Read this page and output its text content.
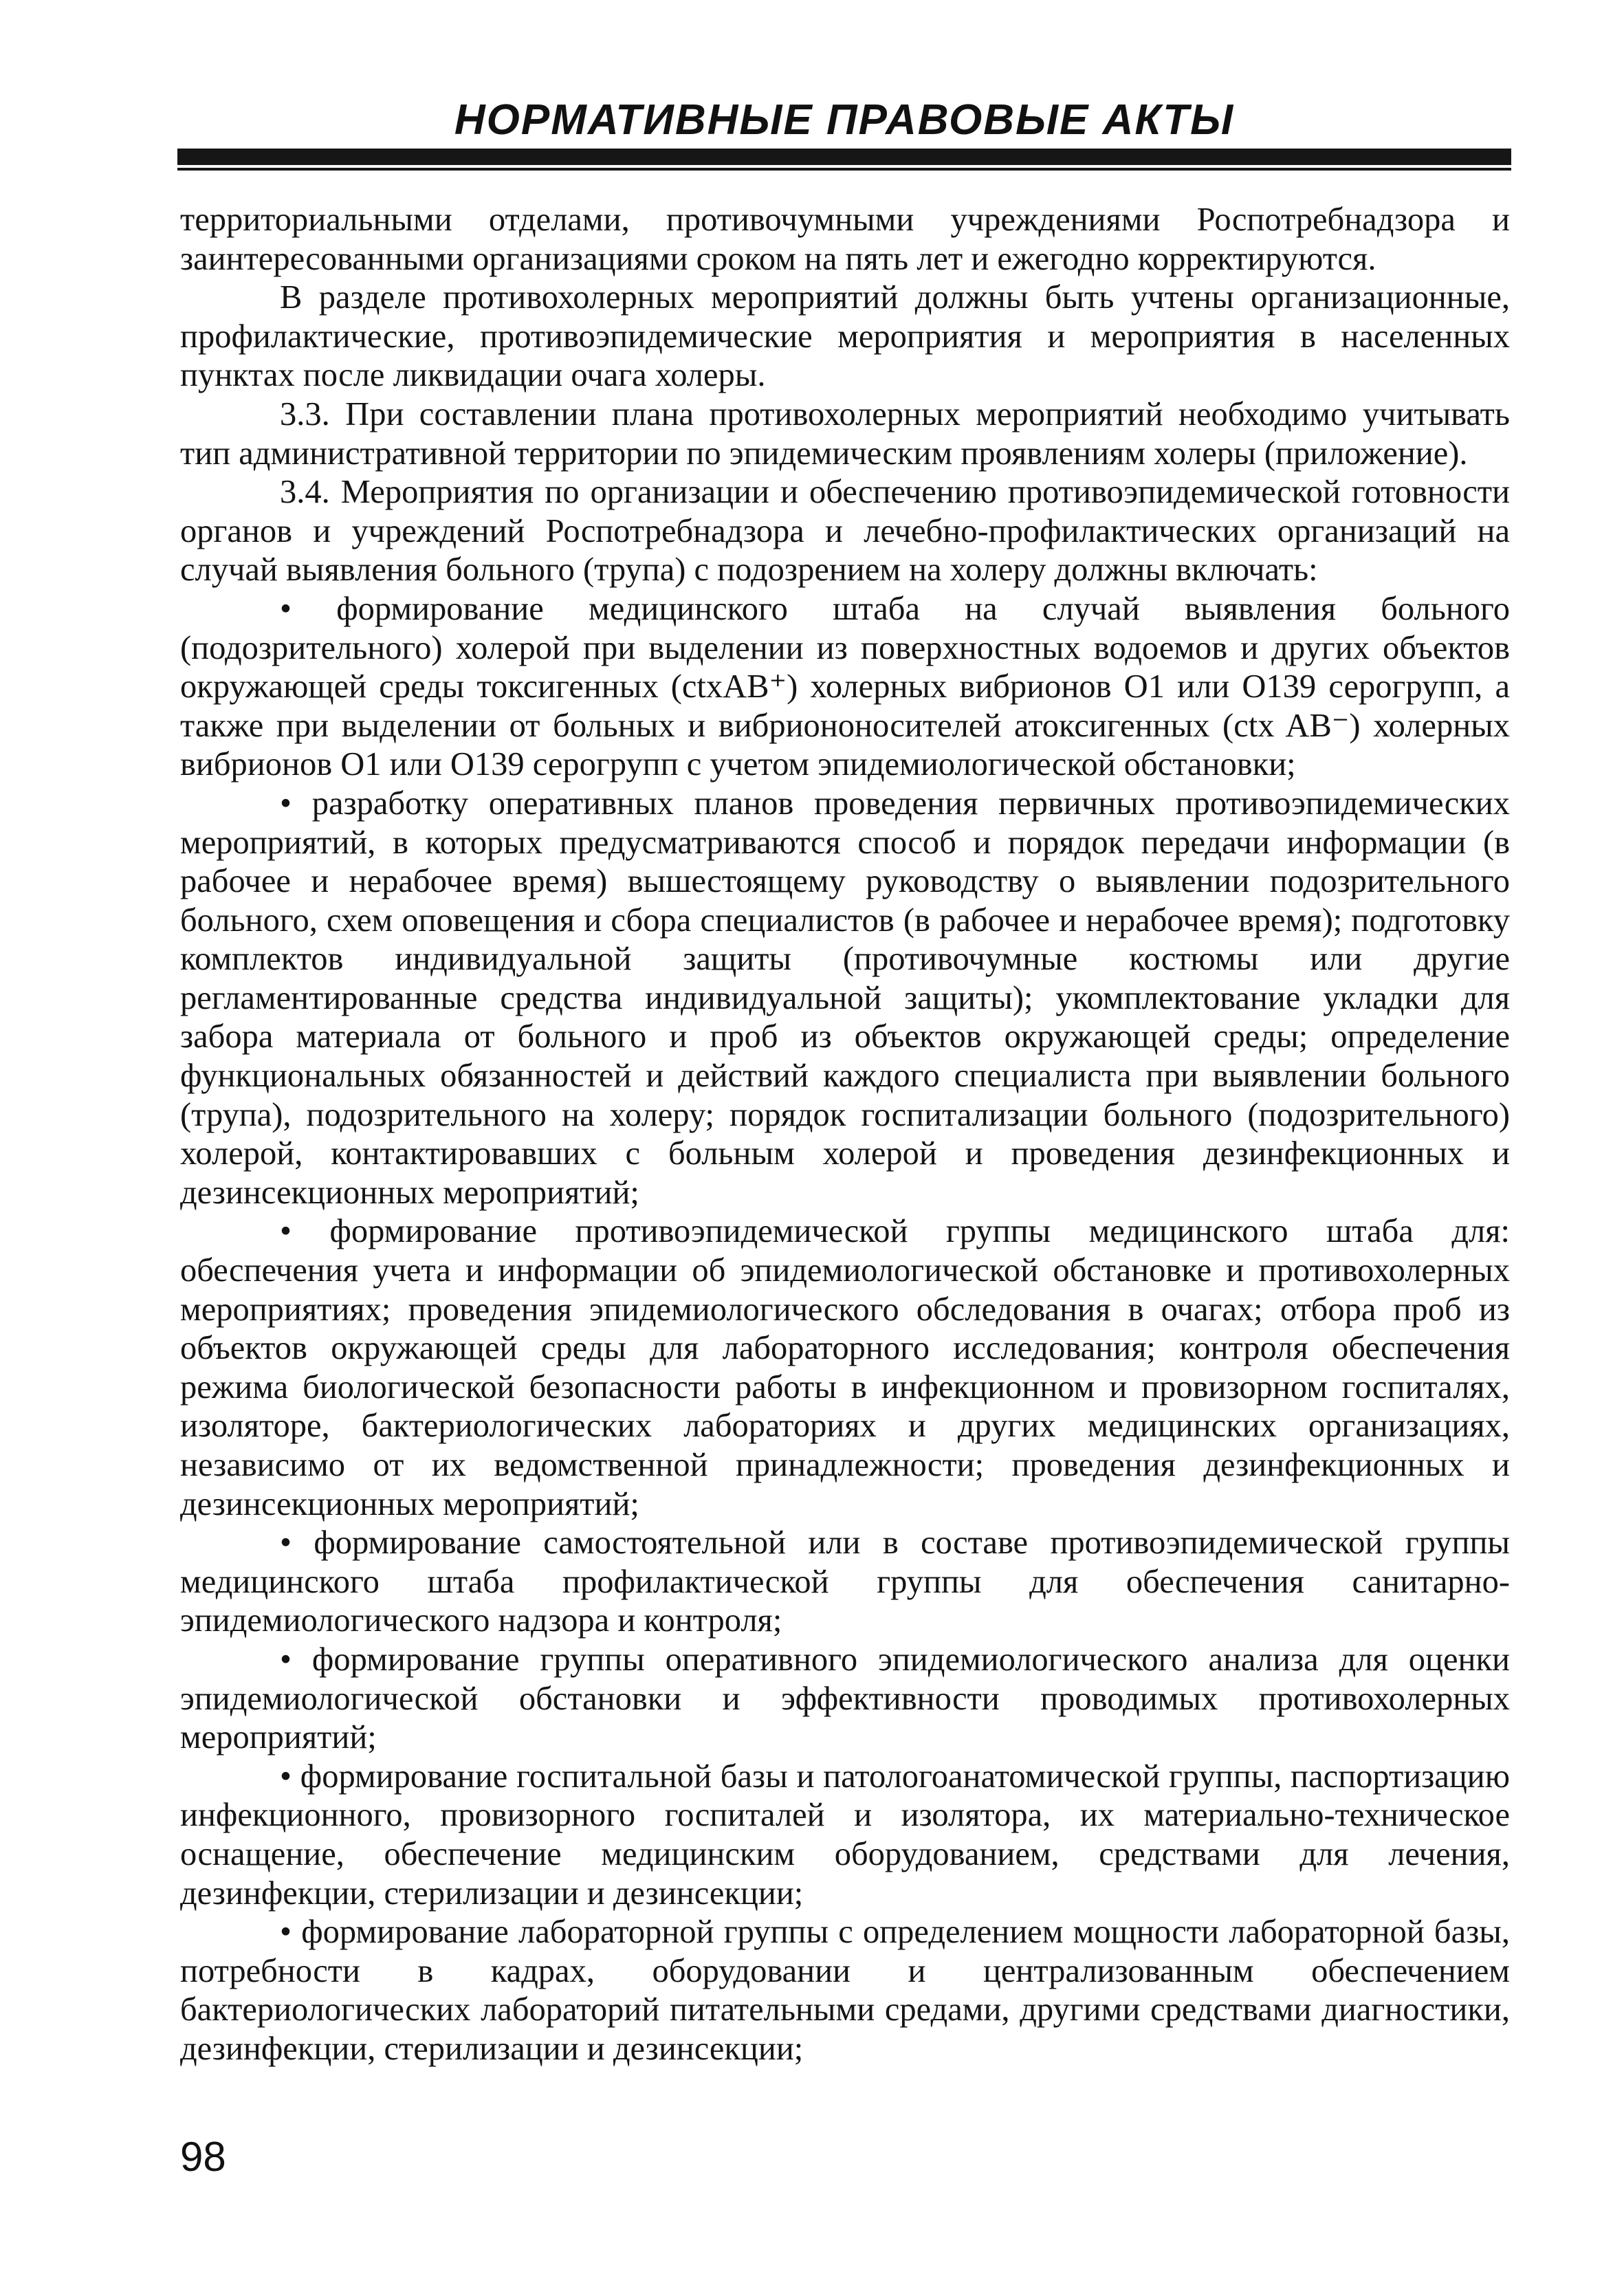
НОРМАТИВНЫЕ ПРАВОВЫЕ АКТЫ

территориальными отделами, противочумными учреждениями Роспотребнадзора и заинтересованными организациями сроком на пять лет и ежегодно корректируются.

В разделе противохолерных мероприятий должны быть учтены организационные, профилактические, противоэпидемические мероприятия и мероприятия в населенных пунктах после ликвидации очага холеры.

3.3. При составлении плана противохолерных мероприятий необходимо учитывать тип административной территории по эпидемическим проявлениям холеры (приложение).

3.4. Мероприятия по организации и обеспечению противоэпидемической готовности органов и учреждений Роспотребнадзора и лечебно-профилактических организаций на случай выявления больного (трупа) с подозрением на холеру должны включать:

• формирование медицинского штаба на случай выявления больного (подозрительного) холерой при выделении из поверхностных водоемов и других объектов окружающей среды токсигенных (ctxAB⁺) холерных вибрионов О1 или О139 серогрупп, а также при выделении от больных и вибриононосителей атоксигенных (ctx AB⁻) холерных вибрионов О1 или О139 серогрупп с учетом эпидемиологической обстановки;

• разработку оперативных планов проведения первичных противоэпидемических мероприятий, в которых предусматриваются способ и порядок передачи информации (в рабочее и нерабочее время) вышестоящему руководству о выявлении подозрительного больного, схем оповещения и сбора специалистов (в рабочее и нерабочее время); подготовку комплектов индивидуальной защиты (противочумные костюмы или другие регламентированные средства индивидуальной защиты); укомплектование укладки для забора материала от больного и проб из объектов окружающей среды; определение функциональных обязанностей и действий каждого специалиста при выявлении больного (трупа), подозрительного на холеру; порядок госпитализации больного (подозрительного) холерой, контактировавших с больным холерой и проведения дезинфекционных и дезинсекционных мероприятий;

• формирование противоэпидемической группы медицинского штаба для: обеспечения учета и информации об эпидемиологической обстановке и противохолерных мероприятиях; проведения эпидемиологического обследования в очагах; отбора проб из объектов окружающей среды для лабораторного исследования; контроля обеспечения режима биологической безопасности работы в инфекционном и провизорном госпиталях, изоляторе, бактериологических лабораториях и других медицинских организациях, независимо от их ведомственной принадлежности; проведения дезинфекционных и дезинсекционных мероприятий;

• формирование самостоятельной или в составе противоэпидемической группы медицинского штаба профилактической группы для обеспечения санитарно-эпидемиологического надзора и контроля;

• формирование группы оперативного эпидемиологического анализа для оценки эпидемиологической обстановки и эффективности проводимых противохолерных мероприятий;

• формирование госпитальной базы и патологоанатомической группы, паспортизацию инфекционного, провизорного госпиталей и изолятора, их материально-техническое оснащение, обеспечение медицинским оборудованием, средствами для лечения, дезинфекции, стерилизации и дезинсекции;

• формирование лабораторной группы с определением мощности лабораторной базы, потребности в кадрах, оборудовании и централизованным обеспечением бактериологических лабораторий питательными средами, другими средствами диагностики, дезинфекции, стерилизации и дезинсекции;

98
